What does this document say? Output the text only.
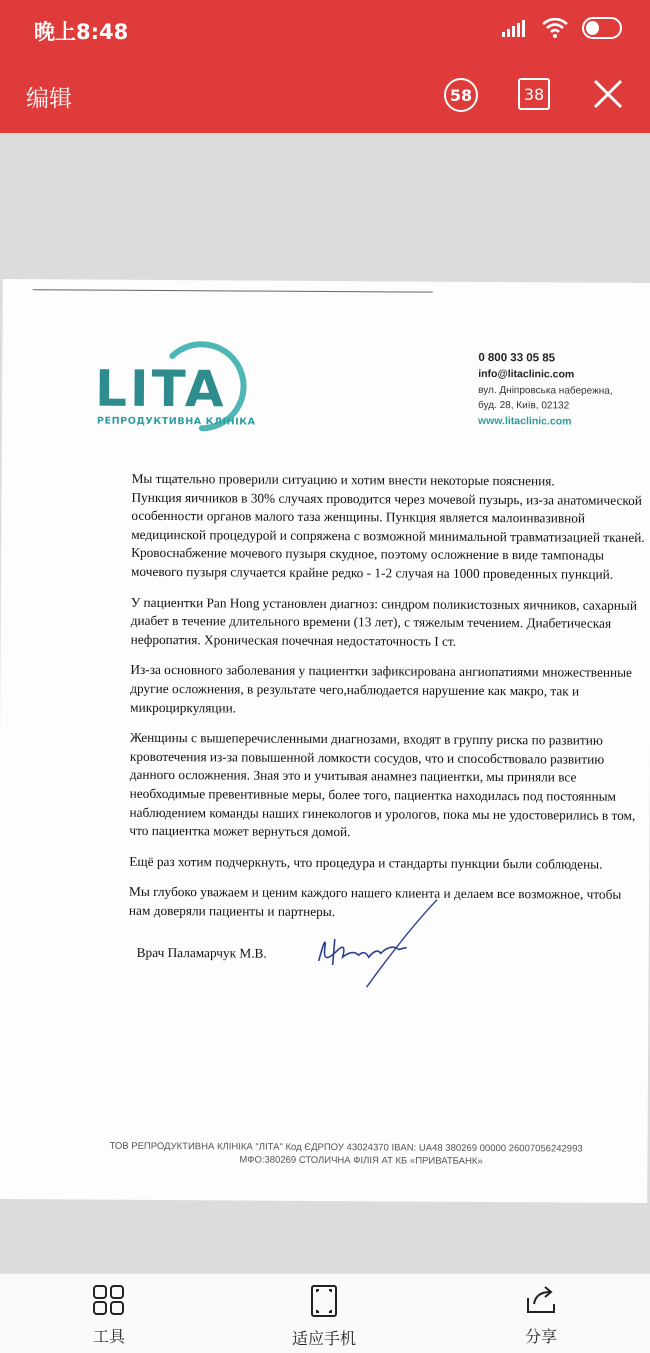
晚上8:48
编辑	58	38
LITA
РЕПРОДУКТИВНА КЛІНІКА
0 800 33 05 85
info@litaclinic.com
вул. Дніпровська набережна,
буд. 28, Київ, 02132
www.litaclinic.com

Мы тщательно проверили ситуацию и хотим внести некоторые пояснения.

Пункция яичников в 30% случаях проводится через мочевой пузырь, из-за анатомической особенности органов малого таза женщины. Пункция является малоинвазивной медицинской процедурой и сопряжена с возможной минимальной травматизацией тканей. Кровоснабжение мочевого пузыря скудное, поэтому осложнение в виде тампонады мочевого пузыря случается крайне редко - 1-2 случая на 1000 проведенных пункций.

У пациентки Pan Hong установлен диагноз: синдром поликистозных яичников, сахарный диабет в течение длительного времени (13 лет), с тяжелым течением. Диабетическая нефропатия. Хроническая почечная недостаточность I ст.

Из-за основного заболевания у пациентки зафиксирована ангиопатиями множественные другие осложнения, в результате чего,наблюдается нарушение как макро, так и микроциркуляции.

Женщины с вышеперечисленными диагнозами, входят в группу риска по развитию кровотечения из-за повышенной ломкости сосудов, что и способствовало развитию данного осложнения. Зная это и учитывая анамнез пациентки, мы приняли все необходимые превентивные меры, более того, пациентка находилась под постоянным наблюдением команды наших гинекологов и урологов, пока мы не удостоверились в том, что пациентка может вернуться домой.

Ещё раз хотим подчеркнуть, что процедура и стандарты пункции были соблюдены.

Мы глубоко уважаем и ценим каждого нашего клиента и делаем все возможное, чтобы нам доверяли пациенты и партнеры.

Врач Паламарчук М.В.
ТОВ РЕПРОДУКТИВНА КЛІНІКА "ЛІТА" Код ЄДРПОУ 43024370 IBAN: UA48 380269 00000 26007056242993
МФО:380269 СТОЛИЧНА ФІЛІЯ АТ КБ «ПРИВАТБАНК»
工具	适应手机	分享
